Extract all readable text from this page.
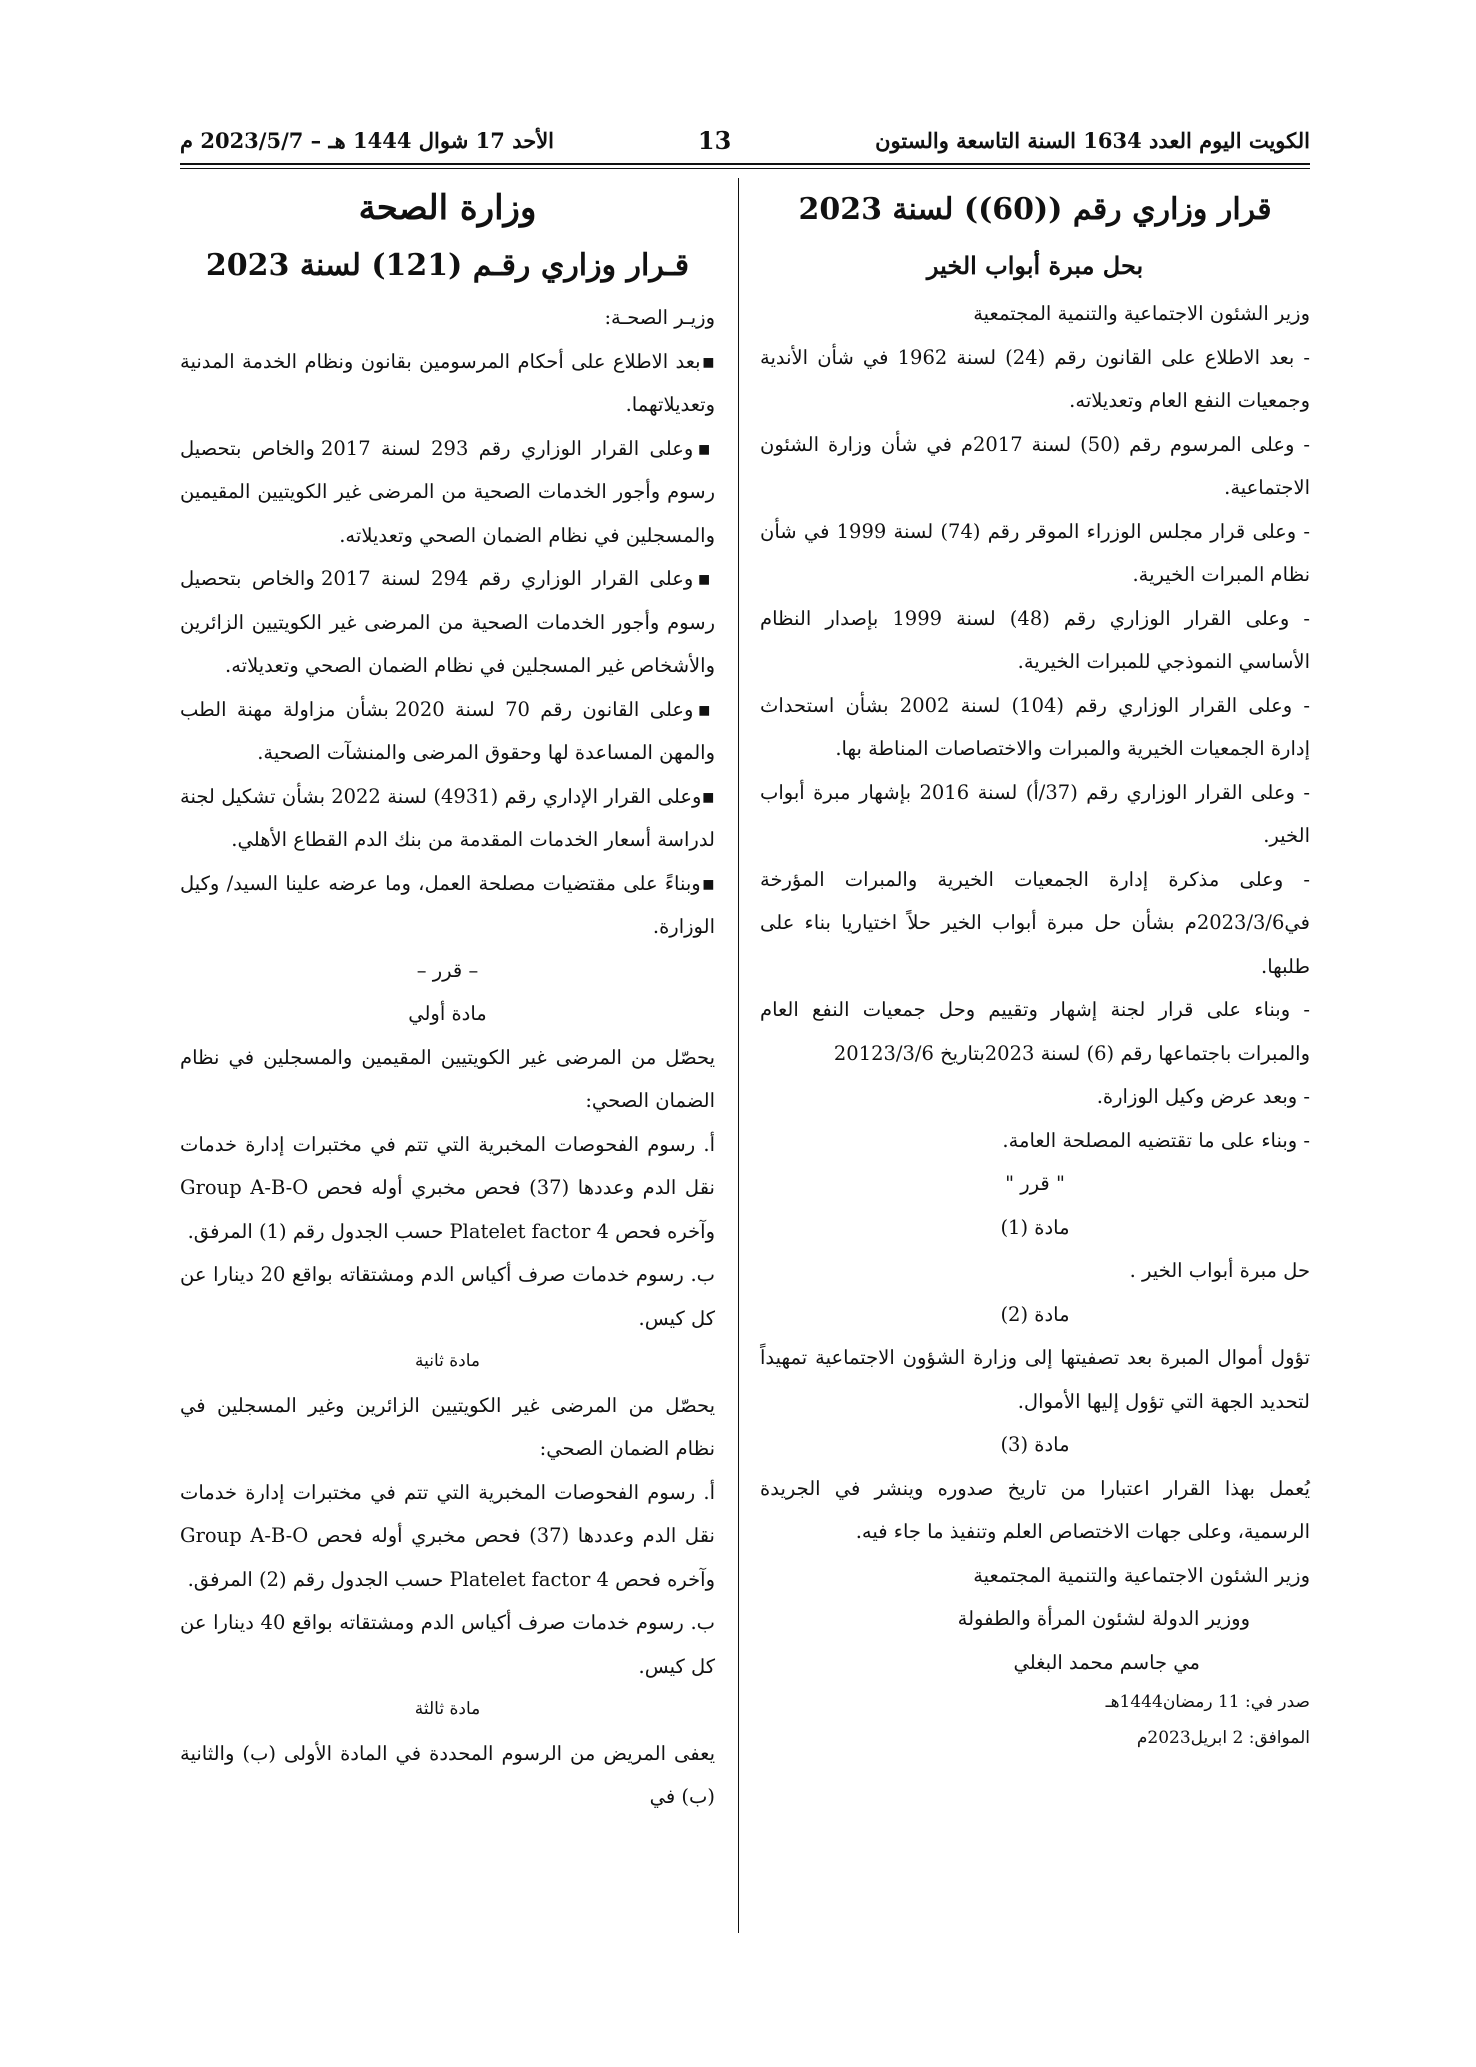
الكويت اليوم العدد 1634 السنة التاسعة والستون
13
الأحد 17 شوال 1444 هـ – 2023/5/7 م

قرار وزاري رقم ((60)) لسنة 2023

بحل مبرة أبواب الخير

وزير الشئون الاجتماعية والتنمية المجتمعية

- بعد الاطلاع على القانون رقم (24) لسنة 1962 في شأن الأندية وجمعيات النفع العام وتعديلاته.

- وعلى المرسوم رقم (50) لسنة 2017م في شأن وزارة الشئون الاجتماعية.

- وعلى قرار مجلس الوزراء الموقر رقم (74) لسنة 1999 في شأن نظام المبرات الخيرية.

- وعلى القرار الوزاري رقم (48) لسنة 1999 بإصدار النظام الأساسي النموذجي للمبرات الخيرية.

- وعلى القرار الوزاري رقم (104) لسنة 2002 بشأن استحداث إدارة الجمعيات الخيرية والمبرات والاختصاصات المناطة بها.

- وعلى القرار الوزاري رقم (37/أ) لسنة 2016 بإشهار مبرة أبواب الخير.

- وعلى مذكرة إدارة الجمعيات الخيرية والمبرات المؤرخة في2023/3/6م بشأن حل مبرة أبواب الخير حلاً اختياريا بناء على طلبها.

- وبناء على قرار لجنة إشهار وتقييم وحل جمعيات النفع العام والمبرات باجتماعها رقم (6) لسنة 2023بتاريخ 20123/3/6

- وبعد عرض وكيل الوزارة.

- وبناء على ما تقتضيه المصلحة العامة.

" قرر "

مادة (1)

حل مبرة أبواب الخير .

مادة (2)

تؤول أموال المبرة بعد تصفيتها إلى وزارة الشؤون الاجتماعية تمهيداً لتحديد الجهة التي تؤول إليها الأموال.

مادة (3)

يُعمل بهذا القرار اعتبارا من تاريخ صدوره وينشر في الجريدة الرسمية، وعلى جهات الاختصاص العلم وتنفيذ ما جاء فيه.

وزير الشئون الاجتماعية والتنمية المجتمعية

ووزير الدولة لشئون المرأة والطفولة

مي جاسم محمد البغلي

صدر في: 11 رمضان1444هـ

الموافق: 2 ابريل2023م

وزارة الصحة

قـرار وزاري رقـم (121) لسنة 2023

وزيـر الصحـة:

▪بعد الاطلاع على أحكام المرسومين بقانون ونظام الخدمة المدنية وتعديلاتهما.

▪وعلى القرار الوزاري رقم 293 لسنة 2017 والخاص بتحصيل رسوم وأجور الخدمات الصحية من المرضى غير الكويتيين المقيمين والمسجلين في نظام الضمان الصحي وتعديلاته.

▪وعلى القرار الوزاري رقم 294 لسنة 2017 والخاص بتحصيل رسوم وأجور الخدمات الصحية من المرضى غير الكويتيين الزائرين والأشخاص غير المسجلين في نظام الضمان الصحي وتعديلاته.

▪وعلى القانون رقم 70 لسنة 2020 بشأن مزاولة مهنة الطب والمهن المساعدة لها وحقوق المرضى والمنشآت الصحية.

▪وعلى القرار الإداري رقم (4931) لسنة 2022 بشأن تشكيل لجنة لدراسة أسعار الخدمات المقدمة من بنك الدم القطاع الأهلي.

▪وبناءً على مقتضيات مصلحة العمل، وما عرضه علينا السيد/ وكيل الوزارة.

– قرر –

مادة أولي

يحصّل من المرضى غير الكويتيين المقيمين والمسجلين في نظام الضمان الصحي:

أ. رسوم الفحوصات المخبرية التي تتم في مختبرات إدارة خدمات نقل الدم وعددها (37) فحص مخبري أوله فحص Group A-B-O وآخره فحص Platelet factor 4 حسب الجدول رقم (1) المرفق.

ب. رسوم خدمات صرف أكياس الدم ومشتقاته بواقع 20 دينارا عن كل كيس.

مادة ثانية

يحصّل من المرضى غير الكويتيين الزائرين وغير المسجلين في نظام الضمان الصحي:

أ. رسوم الفحوصات المخبرية التي تتم في مختبرات إدارة خدمات نقل الدم وعددها (37) فحص مخبري أوله فحص Group A-B-O وآخره فحص Platelet factor 4 حسب الجدول رقم (2) المرفق.

ب. رسوم خدمات صرف أكياس الدم ومشتقاته بواقع 40 دينارا عن كل كيس.

مادة ثالثة

يعفى المريض من الرسوم المحددة في المادة الأولى (ب) والثانية (ب) في
